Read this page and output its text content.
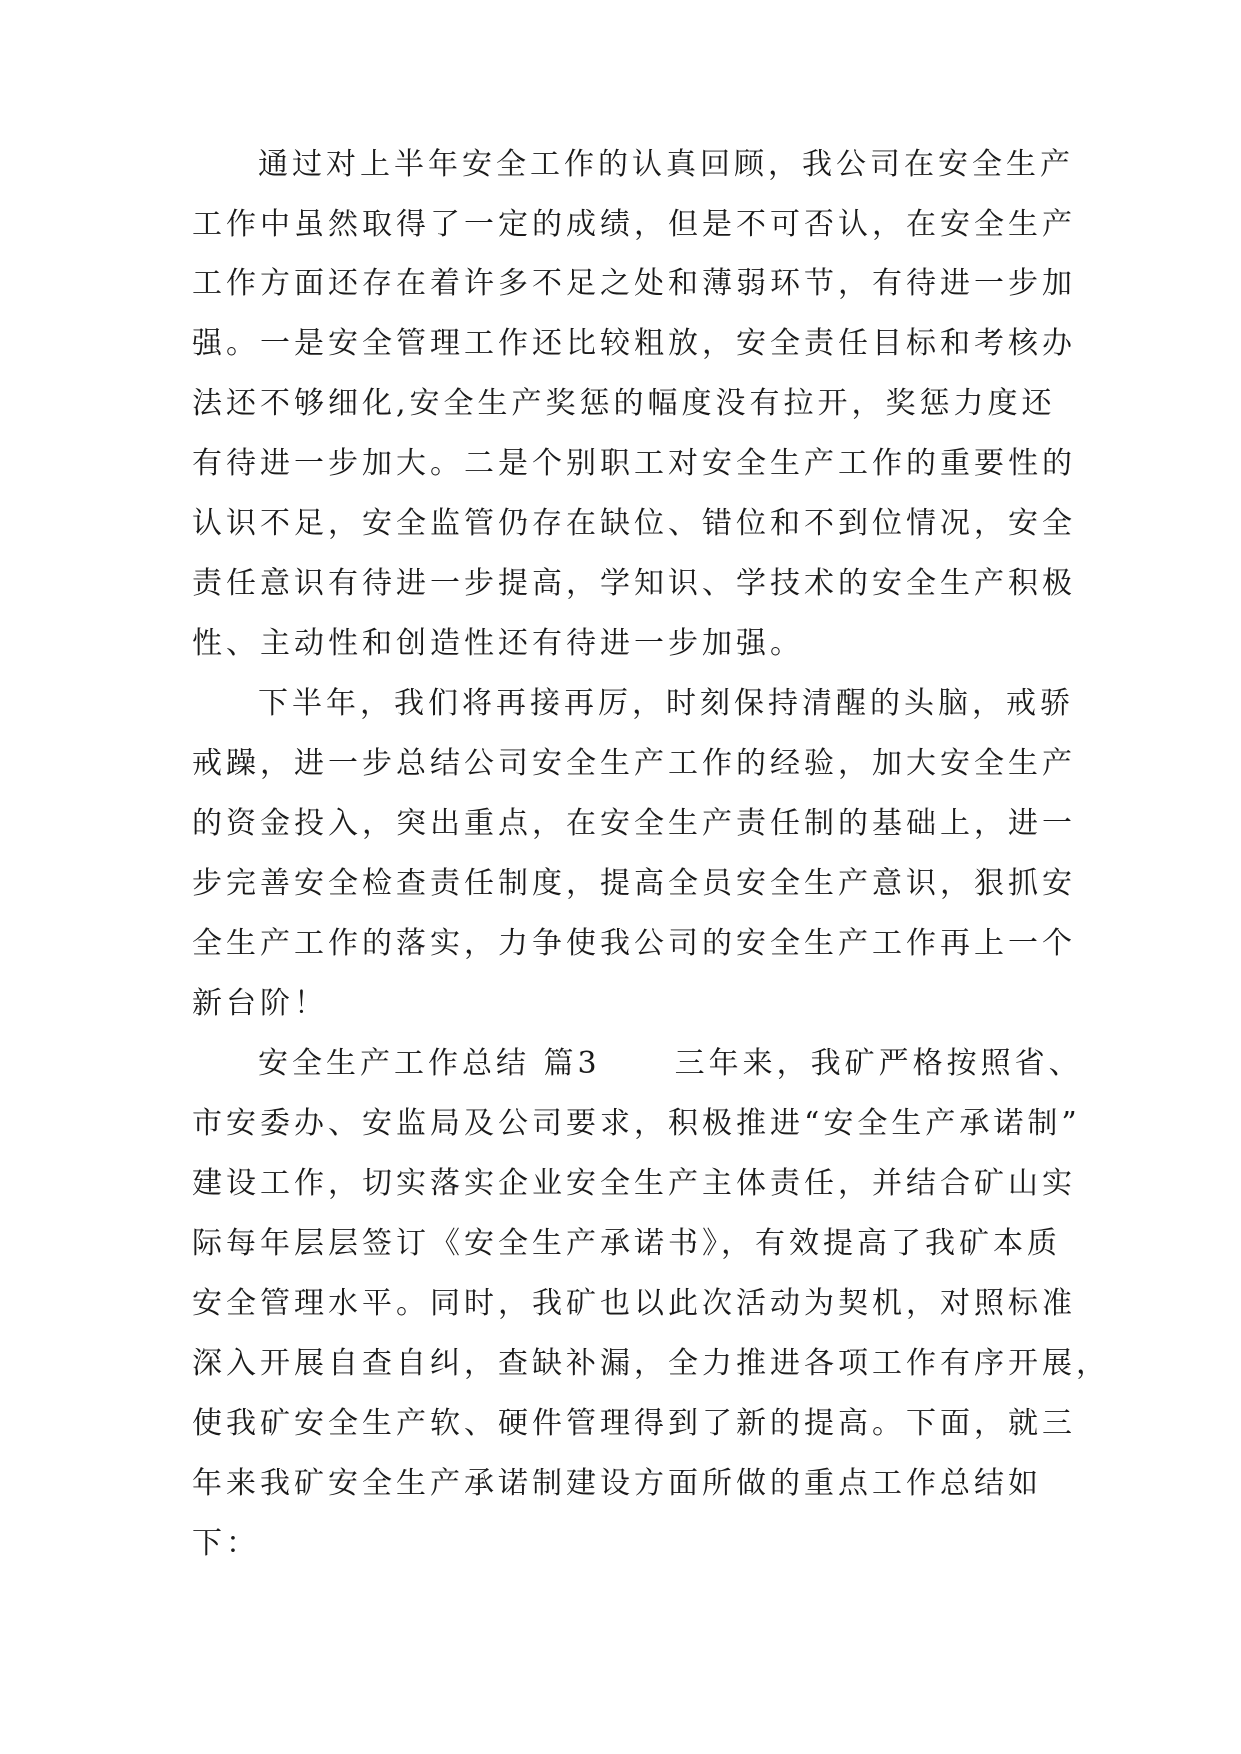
通过对上半年安全工作的认真回顾，我公司在安全生产
工作中虽然取得了一定的成绩，但是不可否认，在安全生产
工作方面还存在着许多不足之处和薄弱环节，有待进一步加
强。一是安全管理工作还比较粗放，安全责任目标和考核办
法还不够细化,安全生产奖惩的幅度没有拉开，奖惩力度还
有待进一步加大。二是个别职工对安全生产工作的重要性的
认识不足，安全监管仍存在缺位、错位和不到位情况，安全
责任意识有待进一步提高，学知识、学技术的安全生产积极
性、主动性和创造性还有待进一步加强。
下半年，我们将再接再厉，时刻保持清醒的头脑，戒骄
戒躁，进一步总结公司安全生产工作的经验，加大安全生产
的资金投入，突出重点，在安全生产责任制的基础上，进一
步完善安全检查责任制度，提高全员安全生产意识，狠抓安
全生产工作的落实，力争使我公司的安全生产工作再上一个
新台阶！
安全生产工作总结 篇3 三年来，我矿严格按照省、
市安委办、安监局及公司要求，积极推进“安全生产承诺制”
建设工作，切实落实企业安全生产主体责任，并结合矿山实
际每年层层签订《安全生产承诺书》，有效提高了我矿本质
安全管理水平。同时，我矿也以此次活动为契机，对照标准
深入开展自查自纠，查缺补漏，全力推进各项工作有序开展，
使我矿安全生产软、硬件管理得到了新的提高。下面，就三
年来我矿安全生产承诺制建设方面所做的重点工作总结如
下：
